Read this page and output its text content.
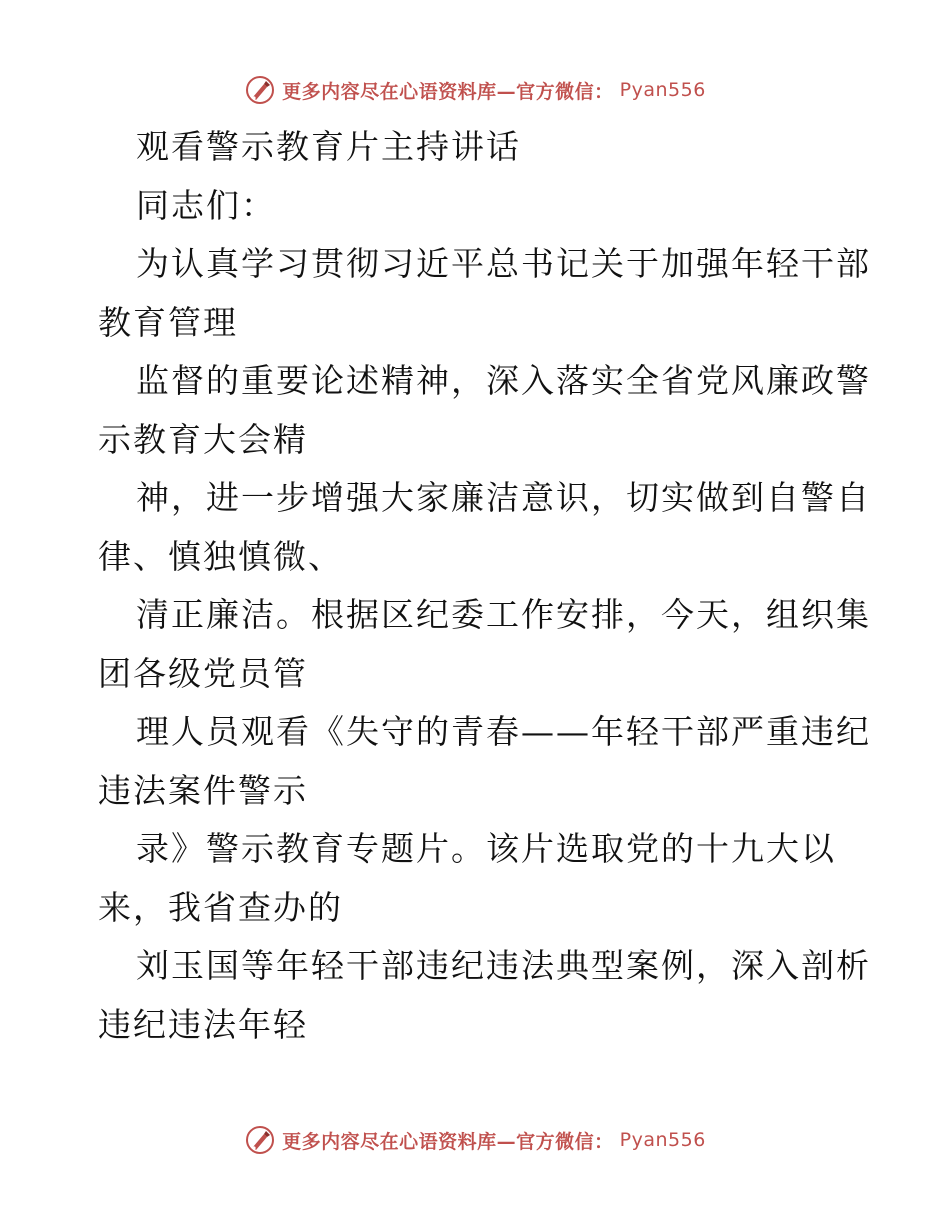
更多内容尽在心语资料库—官方微信： Pyan556
观看警示教育片主持讲话
同志们：
为认真学习贯彻习近平总书记关于加强年轻干部
教育管理
监督的重要论述精神，深入落实全省党风廉政警
示教育大会精
神，进一步增强大家廉洁意识，切实做到自警自
律、慎独慎微、
清正廉洁。根据区纪委工作安排，今天，组织集
团各级党员管
理人员观看《失守的青春——年轻干部严重违纪
违法案件警示
录》警示教育专题片。该片选取党的十九大以
来，我省查办的
刘玉国等年轻干部违纪违法典型案例，深入剖析
违纪违法年轻
更多内容尽在心语资料库—官方微信： Pyan556
